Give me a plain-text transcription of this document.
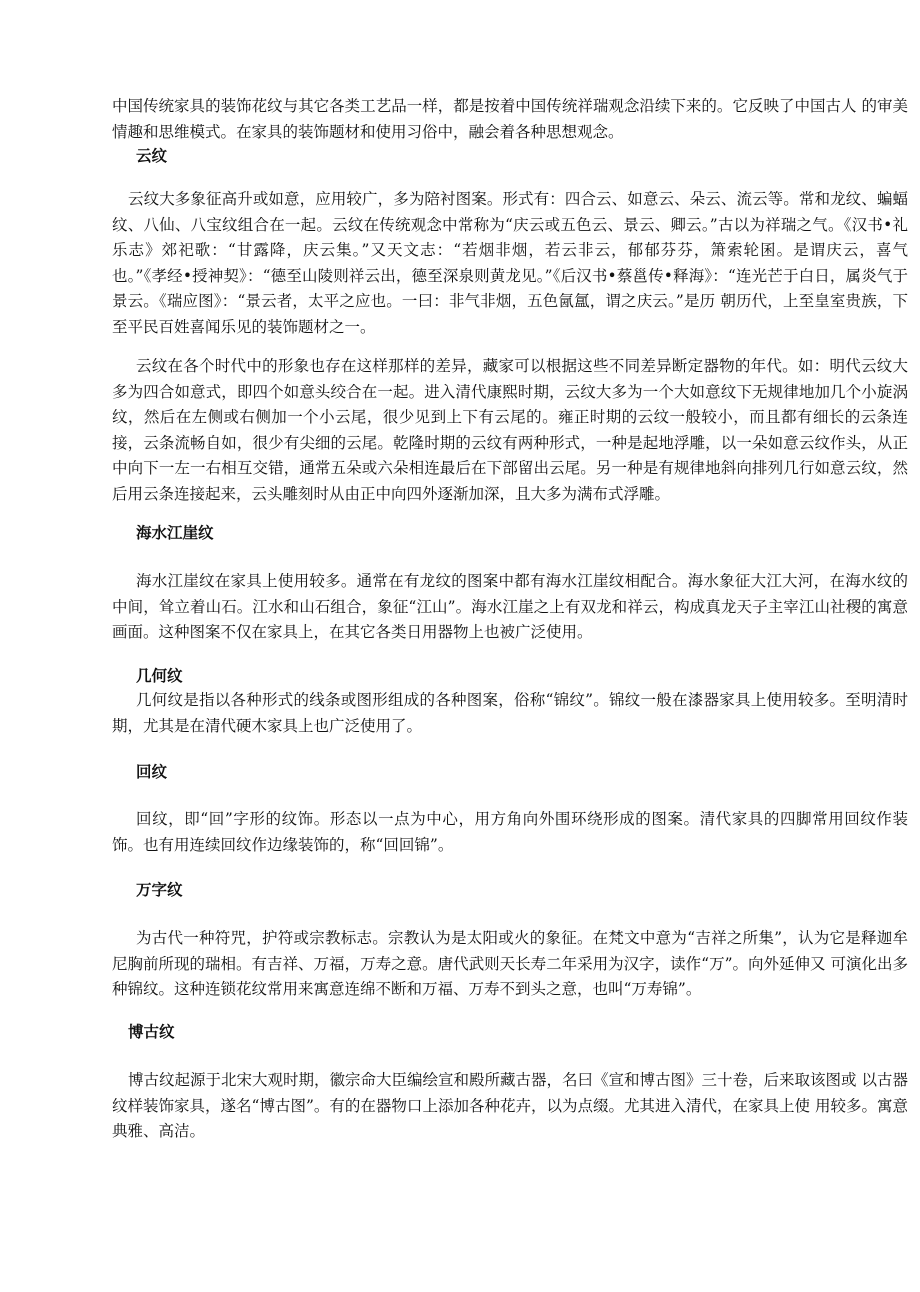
中国传统家具的装饰花纹与其它各类工艺品一样，都是按着中国传统祥瑞观念沿续下来的。它反映了中国古人 的审美情趣和思维模式。在家具的装饰题材和使用习俗中，融会着各种思想观念。

云纹

云纹大多象征高升或如意，应用较广，多为陪衬图案。形式有：四合云、如意云、朵云、流云等。常和龙纹、蝙蝠纹、八仙、八宝纹组合在一起。云纹在传统观念中常称为“庆云或五色云、景云、卿云。”古以为祥瑞之气。《汉书•礼乐志》郊祀歌：“甘露降，庆云集。”又天文志：“若烟非烟，若云非云，郁郁芬芬，箫索轮囷。是谓庆云，喜气也。”《孝经•授神契》：“德至山陵则祥云出，德至深泉则黄龙见。”《后汉书•蔡邕传•释海》：“连光芒于白日，属炎气于景云。《瑞应图》：“景云者，太平之应也。一曰：非气非烟，五色氤氲，谓之庆云。”是历 朝历代，上至皇室贵族，下至平民百姓喜闻乐见的装饰题材之一。

云纹在各个时代中的形象也存在这样那样的差异，藏家可以根据这些不同差异断定器物的年代。如：明代云纹大多为四合如意式，即四个如意头绞合在一起。进入清代康熙时期，云纹大多为一个大如意纹下无规律地加几个小旋涡纹，然后在左侧或右侧加一个小云尾，很少见到上下有云尾的。雍正时期的云纹一般较小，而且都有细长的云条连接，云条流畅自如，很少有尖细的云尾。乾隆时期的云纹有两种形式，一种是起地浮雕，以一朵如意云纹作头，从正中向下一左一右相互交错，通常五朵或六朵相连最后在下部留出云尾。另一种是有规律地斜向排列几行如意云纹，然后用云条连接起来，云头雕刻时从由正中向四外逐渐加深，且大多为满布式浮雕。

海水江崖纹

海水江崖纹在家具上使用较多。通常在有龙纹的图案中都有海水江崖纹相配合。海水象征大江大河，在海水纹的中间，耸立着山石。江水和山石组合，象征“江山”。海水江崖之上有双龙和祥云，构成真龙天子主宰江山社稷的寓意画面。这种图案不仅在家具上，在其它各类日用器物上也被广泛使用。

几何纹

几何纹是指以各种形式的线条或图形组成的各种图案，俗称“锦纹”。锦纹一般在漆器家具上使用较多。至明清时期，尤其是在清代硬木家具上也广泛使用了。

回纹

回纹，即“回”字形的纹饰。形态以一点为中心，用方角向外围环绕形成的图案。清代家具的四脚常用回纹作装饰。也有用连续回纹作边缘装饰的，称“回回锦”。

万字纹

为古代一种符咒，护符或宗教标志。宗教认为是太阳或火的象征。在梵文中意为“吉祥之所集”，认为它是释迦牟尼胸前所现的瑞相。有吉祥、万福，万寿之意。唐代武则天长寿二年采用为汉字，读作“万”。向外延伸又 可演化出多种锦纹。这种连锁花纹常用来寓意连绵不断和万福、万寿不到头之意，也叫“万寿锦”。

博古纹

博古纹起源于北宋大观时期，徽宗命大臣编绘宣和殿所藏古器，名曰《宣和博古图》三十卷，后来取该图或 以古器纹样装饰家具，遂名“博古图”。有的在器物口上添加各种花卉，以为点缀。尤其进入清代，在家具上使 用较多。寓意典雅、高洁。
